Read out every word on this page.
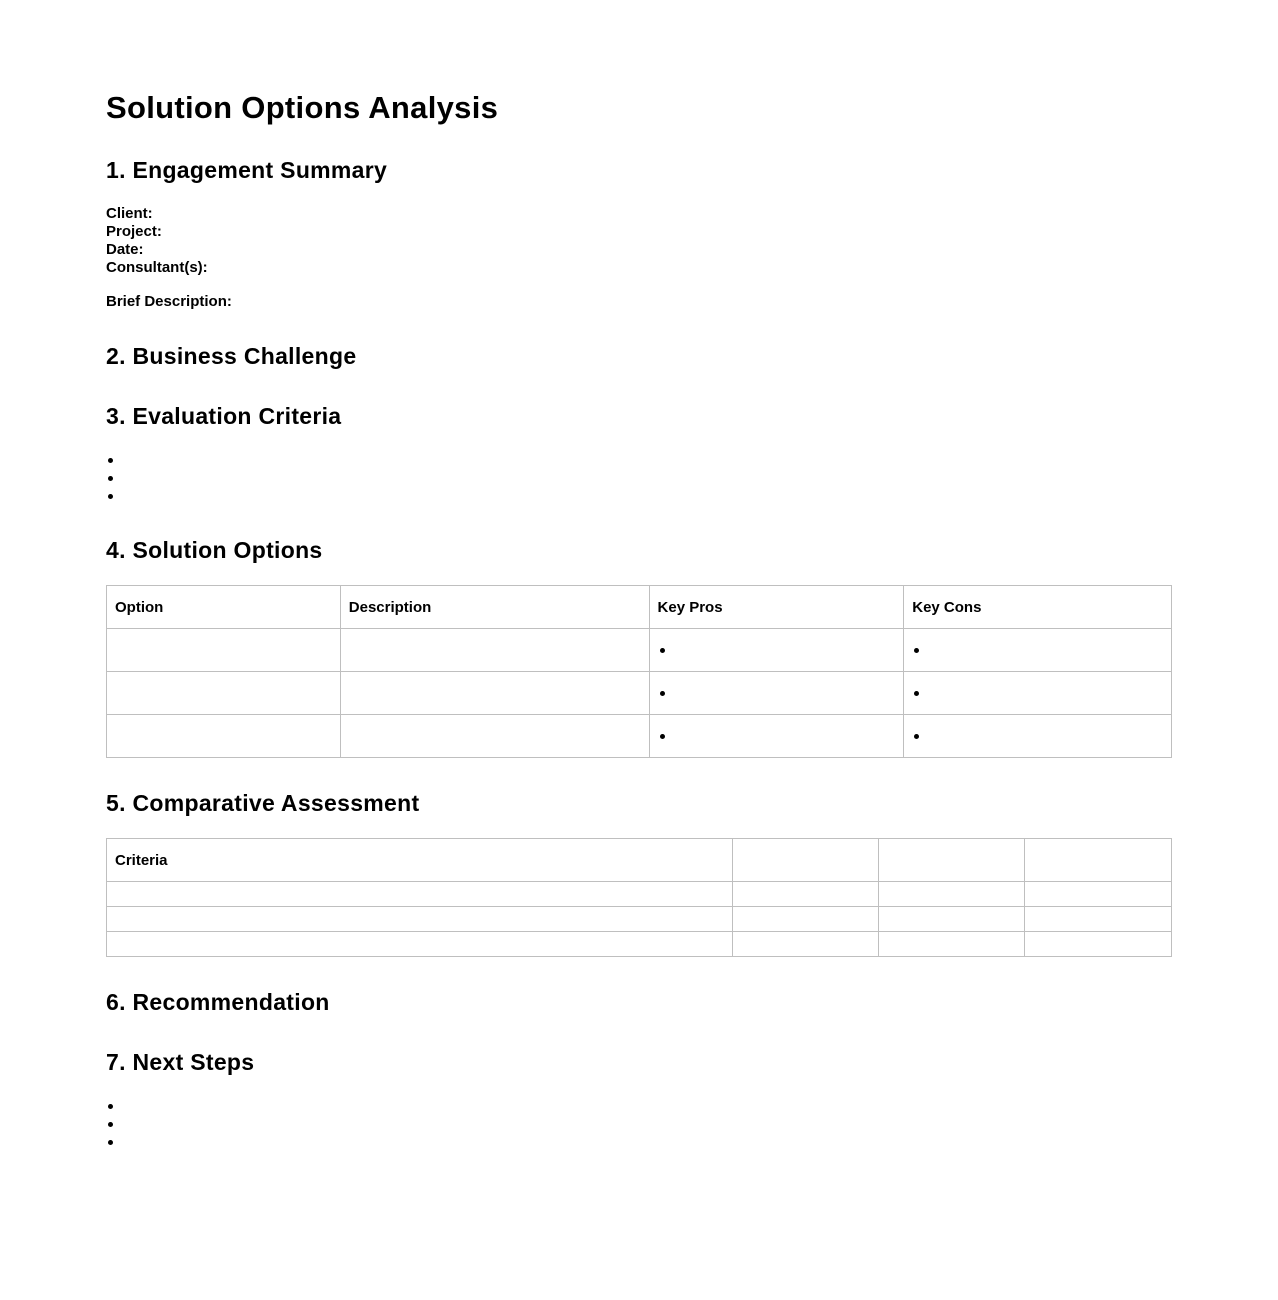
Solution Options Analysis
1. Engagement Summary
Client:
Project:
Date:
Consultant(s):
Brief Description:
2. Business Challenge
3. Evaluation Criteria
4. Solution Options
Option	Description	Key Pros	Key Cons

5. Comparative Assessment
Criteria			

6. Recommendation
7. Next Steps
